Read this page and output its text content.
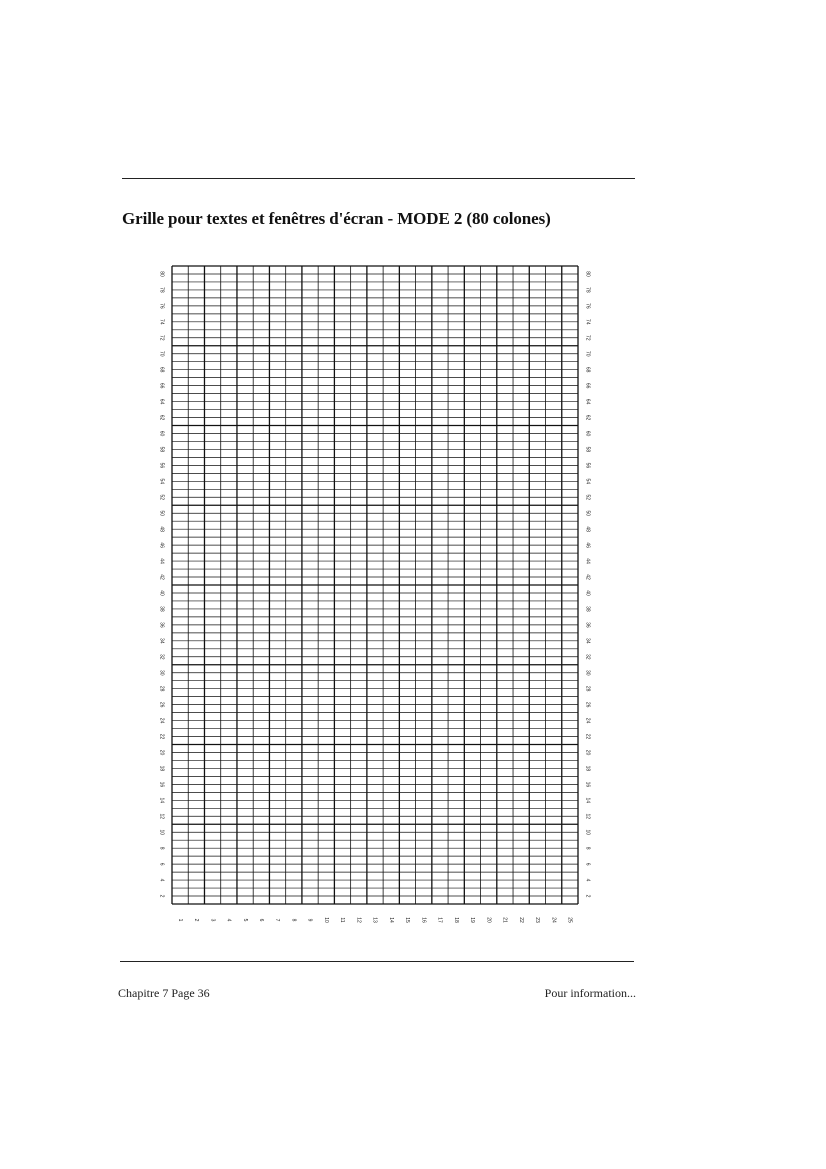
Grille pour textes et fenêtres d'écran - MODE 2 (80 colones)
2	2
4	4
6	6
8	8
10	10
12	12
14	14
16	16
18	18
20	20
22	22
24	24
26	26
28	28
30	30
32	32
34	34
36	36
38	38
40	40
42	42
44	44
46	46
48	48
50	50
52	52
54	54
56	56
58	58
60	60
62	62
64	64
66	66
68	68
70	70
72	72
74	74
76	76
78	78
80	80
1 2 3 4 5 6 7 8 9 10 11 12 13 14 15 16 17 18 19 20 21 22 23 24 25
Chapitre 7 Page 36	Pour information...
